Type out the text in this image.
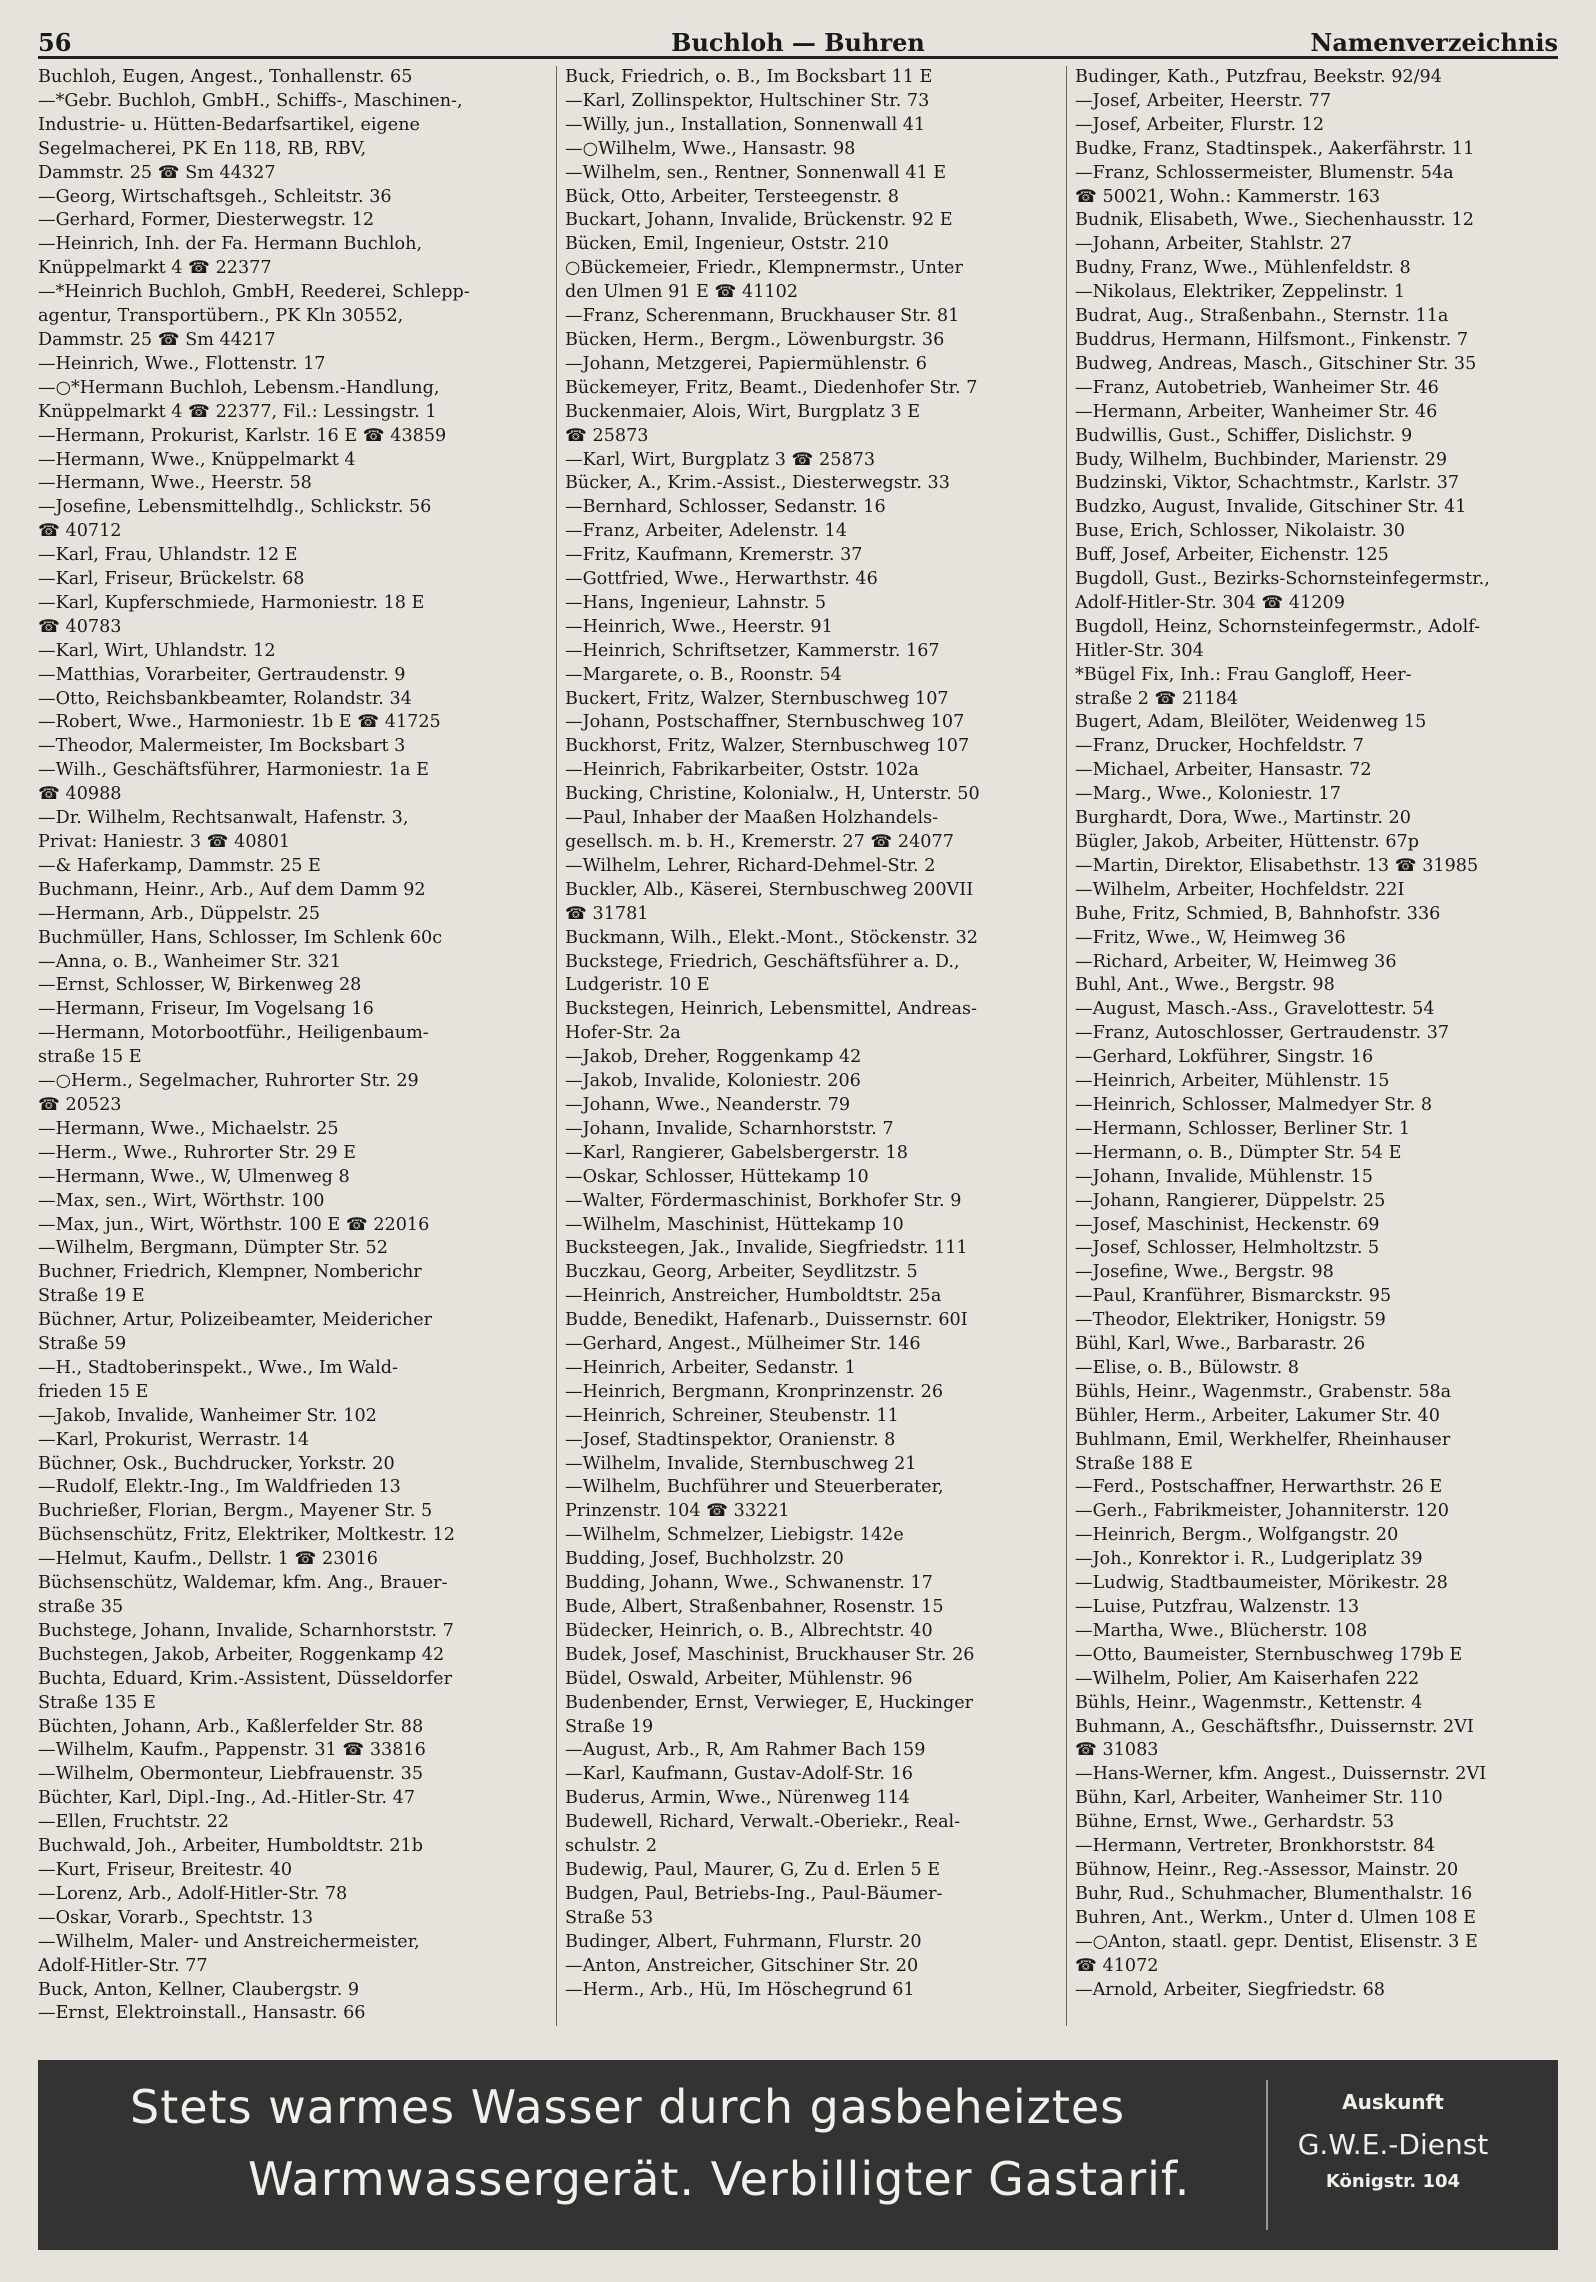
56	Buchloh — Buhren	Namenverzeichnis

Buchloh, Eugen, Angest., Tonhallenstr. 65

—*Gebr. Buchloh, GmbH., Schiffs-, Maschinen-,

Industrie- u. Hütten-Bedarfsartikel, eigene

Segelmacherei, PK En 118, RB, RBV,

Dammstr. 25 ☎ Sm 44327

—Georg, Wirtschaftsgeh., Schleitstr. 36

—Gerhard, Former, Diesterwegstr. 12

—Heinrich, Inh. der Fa. Hermann Buchloh,

Knüppelmarkt 4 ☎ 22377

—*Heinrich Buchloh, GmbH, Reederei, Schlepp-

agentur, Transportübern., PK Kln 30552,

Dammstr. 25 ☎ Sm 44217

—Heinrich, Wwe., Flottenstr. 17

—○*Hermann Buchloh, Lebensm.-Handlung,

Knüppelmarkt 4 ☎ 22377, Fil.: Lessingstr. 1

—Hermann, Prokurist, Karlstr. 16 E ☎ 43859

—Hermann, Wwe., Knüppelmarkt 4

—Hermann, Wwe., Heerstr. 58

—Josefine, Lebensmittelhdlg., Schlickstr. 56

☎ 40712

—Karl, Frau, Uhlandstr. 12 E

—Karl, Friseur, Brückelstr. 68

—Karl, Kupferschmiede, Harmoniestr. 18 E

☎ 40783

—Karl, Wirt, Uhlandstr. 12

—Matthias, Vorarbeiter, Gertraudenstr. 9

—Otto, Reichsbankbeamter, Rolandstr. 34

—Robert, Wwe., Harmoniestr. 1b E ☎ 41725

—Theodor, Malermeister, Im Bocksbart 3

—Wilh., Geschäftsführer, Harmoniestr. 1a E

☎ 40988

—Dr. Wilhelm, Rechtsanwalt, Hafenstr. 3,

Privat: Haniestr. 3 ☎ 40801

—& Haferkamp, Dammstr. 25 E

Buchmann, Heinr., Arb., Auf dem Damm 92

—Hermann, Arb., Düppelstr. 25

Buchmüller, Hans, Schlosser, Im Schlenk 60c

—Anna, o. B., Wanheimer Str. 321

—Ernst, Schlosser, W, Birkenweg 28

—Hermann, Friseur, Im Vogelsang 16

—Hermann, Motorbootführ., Heiligenbaum-

straße 15 E

—○Herm., Segelmacher, Ruhrorter Str. 29

☎ 20523

—Hermann, Wwe., Michaelstr. 25

—Herm., Wwe., Ruhrorter Str. 29 E

—Hermann, Wwe., W, Ulmenweg 8

—Max, sen., Wirt, Wörthstr. 100

—Max, jun., Wirt, Wörthstr. 100 E ☎ 22016

—Wilhelm, Bergmann, Dümpter Str. 52

Buchner, Friedrich, Klempner, Nomberichr

Straße 19 E

Büchner, Artur, Polizeibeamter, Meidericher

Straße 59

—H., Stadtoberinspekt., Wwe., Im Wald-

frieden 15 E

—Jakob, Invalide, Wanheimer Str. 102

—Karl, Prokurist, Werrastr. 14

Büchner, Osk., Buchdrucker, Yorkstr. 20

—Rudolf, Elektr.-Ing., Im Waldfrieden 13

Buchrießer, Florian, Bergm., Mayener Str. 5

Büchsenschütz, Fritz, Elektriker, Moltkestr. 12

—Helmut, Kaufm., Dellstr. 1 ☎ 23016

Büchsenschütz, Waldemar, kfm. Ang., Brauer-

straße 35

Buchstege, Johann, Invalide, Scharnhorststr. 7

Buchstegen, Jakob, Arbeiter, Roggenkamp 42

Buchta, Eduard, Krim.-Assistent, Düsseldorfer

Straße 135 E

Büchten, Johann, Arb., Kaßlerfelder Str. 88

—Wilhelm, Kaufm., Pappenstr. 31 ☎ 33816

—Wilhelm, Obermonteur, Liebfrauenstr. 35

Büchter, Karl, Dipl.-Ing., Ad.-Hitler-Str. 47

—Ellen, Fruchtstr. 22

Buchwald, Joh., Arbeiter, Humboldtstr. 21b

—Kurt, Friseur, Breitestr. 40

—Lorenz, Arb., Adolf-Hitler-Str. 78

—Oskar, Vorarb., Spechtstr. 13

—Wilhelm, Maler- und Anstreichermeister,

Adolf-Hitler-Str. 77

Buck, Anton, Kellner, Claubergstr. 9

—Ernst, Elektroinstall., Hansastr. 66

Buck, Friedrich, o. B., Im Bocksbart 11 E

—Karl, Zollinspektor, Hultschiner Str. 73

—Willy, jun., Installation, Sonnenwall 41

—○Wilhelm, Wwe., Hansastr. 98

—Wilhelm, sen., Rentner, Sonnenwall 41 E

Bück, Otto, Arbeiter, Tersteegenstr. 8

Buckart, Johann, Invalide, Brückenstr. 92 E

Bücken, Emil, Ingenieur, Oststr. 210

○Bückemeier, Friedr., Klempnermstr., Unter

den Ulmen 91 E ☎ 41102

—Franz, Scherenmann, Bruckhauser Str. 81

Bücken, Herm., Bergm., Löwenburgstr. 36

—Johann, Metzgerei, Papiermühlenstr. 6

Bückemeyer, Fritz, Beamt., Diedenhofer Str. 7

Buckenmaier, Alois, Wirt, Burgplatz 3 E

☎ 25873

—Karl, Wirt, Burgplatz 3 ☎ 25873

Bücker, A., Krim.-Assist., Diesterwegstr. 33

—Bernhard, Schlosser, Sedanstr. 16

—Franz, Arbeiter, Adelenstr. 14

—Fritz, Kaufmann, Kremerstr. 37

—Gottfried, Wwe., Herwarthstr. 46

—Hans, Ingenieur, Lahnstr. 5

—Heinrich, Wwe., Heerstr. 91

—Heinrich, Schriftsetzer, Kammerstr. 167

—Margarete, o. B., Roonstr. 54

Buckert, Fritz, Walzer, Sternbuschweg 107

—Johann, Postschaffner, Sternbuschweg 107

Buckhorst, Fritz, Walzer, Sternbuschweg 107

—Heinrich, Fabrikarbeiter, Oststr. 102a

Bucking, Christine, Kolonialw., H, Unterstr. 50

—Paul, Inhaber der Maaßen Holzhandels-

gesellsch. m. b. H., Kremerstr. 27 ☎ 24077

—Wilhelm, Lehrer, Richard-Dehmel-Str. 2

Buckler, Alb., Käserei, Sternbuschweg 200VII

☎ 31781

Buckmann, Wilh., Elekt.-Mont., Stöckenstr. 32

Buckstege, Friedrich, Geschäftsführer a. D.,

Ludgeristr. 10 E

Buckstegen, Heinrich, Lebensmittel, Andreas-

Hofer-Str. 2a

—Jakob, Dreher, Roggenkamp 42

—Jakob, Invalide, Koloniestr. 206

—Johann, Wwe., Neanderstr. 79

—Johann, Invalide, Scharnhorststr. 7

—Karl, Rangierer, Gabelsbergerstr. 18

—Oskar, Schlosser, Hüttekamp 10

—Walter, Fördermaschinist, Borkhofer Str. 9

—Wilhelm, Maschinist, Hüttekamp 10

Bucksteegen, Jak., Invalide, Siegfriedstr. 111

Buczkau, Georg, Arbeiter, Seydlitzstr. 5

—Heinrich, Anstreicher, Humboldtstr. 25a

Budde, Benedikt, Hafenarb., Duissernstr. 60I

—Gerhard, Angest., Mülheimer Str. 146

—Heinrich, Arbeiter, Sedanstr. 1

—Heinrich, Bergmann, Kronprinzenstr. 26

—Heinrich, Schreiner, Steubenstr. 11

—Josef, Stadtinspektor, Oranienstr. 8

—Wilhelm, Invalide, Sternbuschweg 21

—Wilhelm, Buchführer und Steuerberater,

Prinzenstr. 104 ☎ 33221

—Wilhelm, Schmelzer, Liebigstr. 142e

Budding, Josef, Buchholzstr. 20

Budding, Johann, Wwe., Schwanenstr. 17

Bude, Albert, Straßenbahner, Rosenstr. 15

Büdecker, Heinrich, o. B., Albrechtstr. 40

Budek, Josef, Maschinist, Bruckhauser Str. 26

Büdel, Oswald, Arbeiter, Mühlenstr. 96

Budenbender, Ernst, Verwieger, E, Huckinger

Straße 19

—August, Arb., R, Am Rahmer Bach 159

—Karl, Kaufmann, Gustav-Adolf-Str. 16

Buderus, Armin, Wwe., Nürenweg 114

Budewell, Richard, Verwalt.-Oberiekr., Real-

schulstr. 2

Budewig, Paul, Maurer, G, Zu d. Erlen 5 E

Budgen, Paul, Betriebs-Ing., Paul-Bäumer-

Straße 53

Budinger, Albert, Fuhrmann, Flurstr. 20

—Anton, Anstreicher, Gitschiner Str. 20

—Herm., Arb., Hü, Im Höschegrund 61

Budinger, Kath., Putzfrau, Beekstr. 92/94

—Josef, Arbeiter, Heerstr. 77

—Josef, Arbeiter, Flurstr. 12

Budke, Franz, Stadtinspek., Aakerfährstr. 11

—Franz, Schlossermeister, Blumenstr. 54a

☎ 50021, Wohn.: Kammerstr. 163

Budnik, Elisabeth, Wwe., Siechenhausstr. 12

—Johann, Arbeiter, Stahlstr. 27

Budny, Franz, Wwe., Mühlenfeldstr. 8

—Nikolaus, Elektriker, Zeppelinstr. 1

Budrat, Aug., Straßenbahn., Sternstr. 11a

Buddrus, Hermann, Hilfsmont., Finkenstr. 7

Budweg, Andreas, Masch., Gitschiner Str. 35

—Franz, Autobetrieb, Wanheimer Str. 46

—Hermann, Arbeiter, Wanheimer Str. 46

Budwillis, Gust., Schiffer, Dislichstr. 9

Budy, Wilhelm, Buchbinder, Marienstr. 29

Budzinski, Viktor, Schachtmstr., Karlstr. 37

Budzko, August, Invalide, Gitschiner Str. 41

Buse, Erich, Schlosser, Nikolaistr. 30

Buff, Josef, Arbeiter, Eichenstr. 125

Bugdoll, Gust., Bezirks-Schornsteinfegermstr.,

Adolf-Hitler-Str. 304 ☎ 41209

Bugdoll, Heinz, Schornsteinfegermstr., Adolf-

Hitler-Str. 304

*Bügel Fix, Inh.: Frau Gangloff, Heer-

straße 2 ☎ 21184

Bugert, Adam, Bleilöter, Weidenweg 15

—Franz, Drucker, Hochfeldstr. 7

—Michael, Arbeiter, Hansastr. 72

—Marg., Wwe., Koloniestr. 17

Burghardt, Dora, Wwe., Martinstr. 20

Bügler, Jakob, Arbeiter, Hüttenstr. 67p

—Martin, Direktor, Elisabethstr. 13 ☎ 31985

—Wilhelm, Arbeiter, Hochfeldstr. 22I

Buhe, Fritz, Schmied, B, Bahnhofstr. 336

—Fritz, Wwe., W, Heimweg 36

—Richard, Arbeiter, W, Heimweg 36

Buhl, Ant., Wwe., Bergstr. 98

—August, Masch.-Ass., Gravelottestr. 54

—Franz, Autoschlosser, Gertraudenstr. 37

—Gerhard, Lokführer, Singstr. 16

—Heinrich, Arbeiter, Mühlenstr. 15

—Heinrich, Schlosser, Malmedyer Str. 8

—Hermann, Schlosser, Berliner Str. 1

—Hermann, o. B., Dümpter Str. 54 E

—Johann, Invalide, Mühlenstr. 15

—Johann, Rangierer, Düppelstr. 25

—Josef, Maschinist, Heckenstr. 69

—Josef, Schlosser, Helmholtzstr. 5

—Josefine, Wwe., Bergstr. 98

—Paul, Kranführer, Bismarckstr. 95

—Theodor, Elektriker, Honigstr. 59

Bühl, Karl, Wwe., Barbarastr. 26

—Elise, o. B., Bülowstr. 8

Bühls, Heinr., Wagenmstr., Grabenstr. 58a

Bühler, Herm., Arbeiter, Lakumer Str. 40

Buhlmann, Emil, Werkhelfer, Rheinhauser

Straße 188 E

—Ferd., Postschaffner, Herwarthstr. 26 E

—Gerh., Fabrikmeister, Johanniterstr. 120

—Heinrich, Bergm., Wolfgangstr. 20

—Joh., Konrektor i. R., Ludgeriplatz 39

—Ludwig, Stadtbaumeister, Mörikestr. 28

—Luise, Putzfrau, Walzenstr. 13

—Martha, Wwe., Blücherstr. 108

—Otto, Baumeister, Sternbuschweg 179b E

—Wilhelm, Polier, Am Kaiserhafen 222

Bühls, Heinr., Wagenmstr., Kettenstr. 4

Buhmann, A., Geschäftsfhr., Duissernstr. 2VI

☎ 31083

—Hans-Werner, kfm. Angest., Duissernstr. 2VI

Bühn, Karl, Arbeiter, Wanheimer Str. 110

Bühne, Ernst, Wwe., Gerhardstr. 53

—Hermann, Vertreter, Bronkhorststr. 84

Bühnow, Heinr., Reg.-Assessor, Mainstr. 20

Buhr, Rud., Schuhmacher, Blumenthalstr. 16

Buhren, Ant., Werkm., Unter d. Ulmen 108 E

—○Anton, staatl. gepr. Dentist, Elisenstr. 3 E

☎ 41072

—Arnold, Arbeiter, Siegfriedstr. 68

Stets warmes Wasser durch gasbeheiztes
Warmwassergerät. Verbilligter Gastarif.
Auskunft
G.W.E.-Dienst
Königstr. 104
